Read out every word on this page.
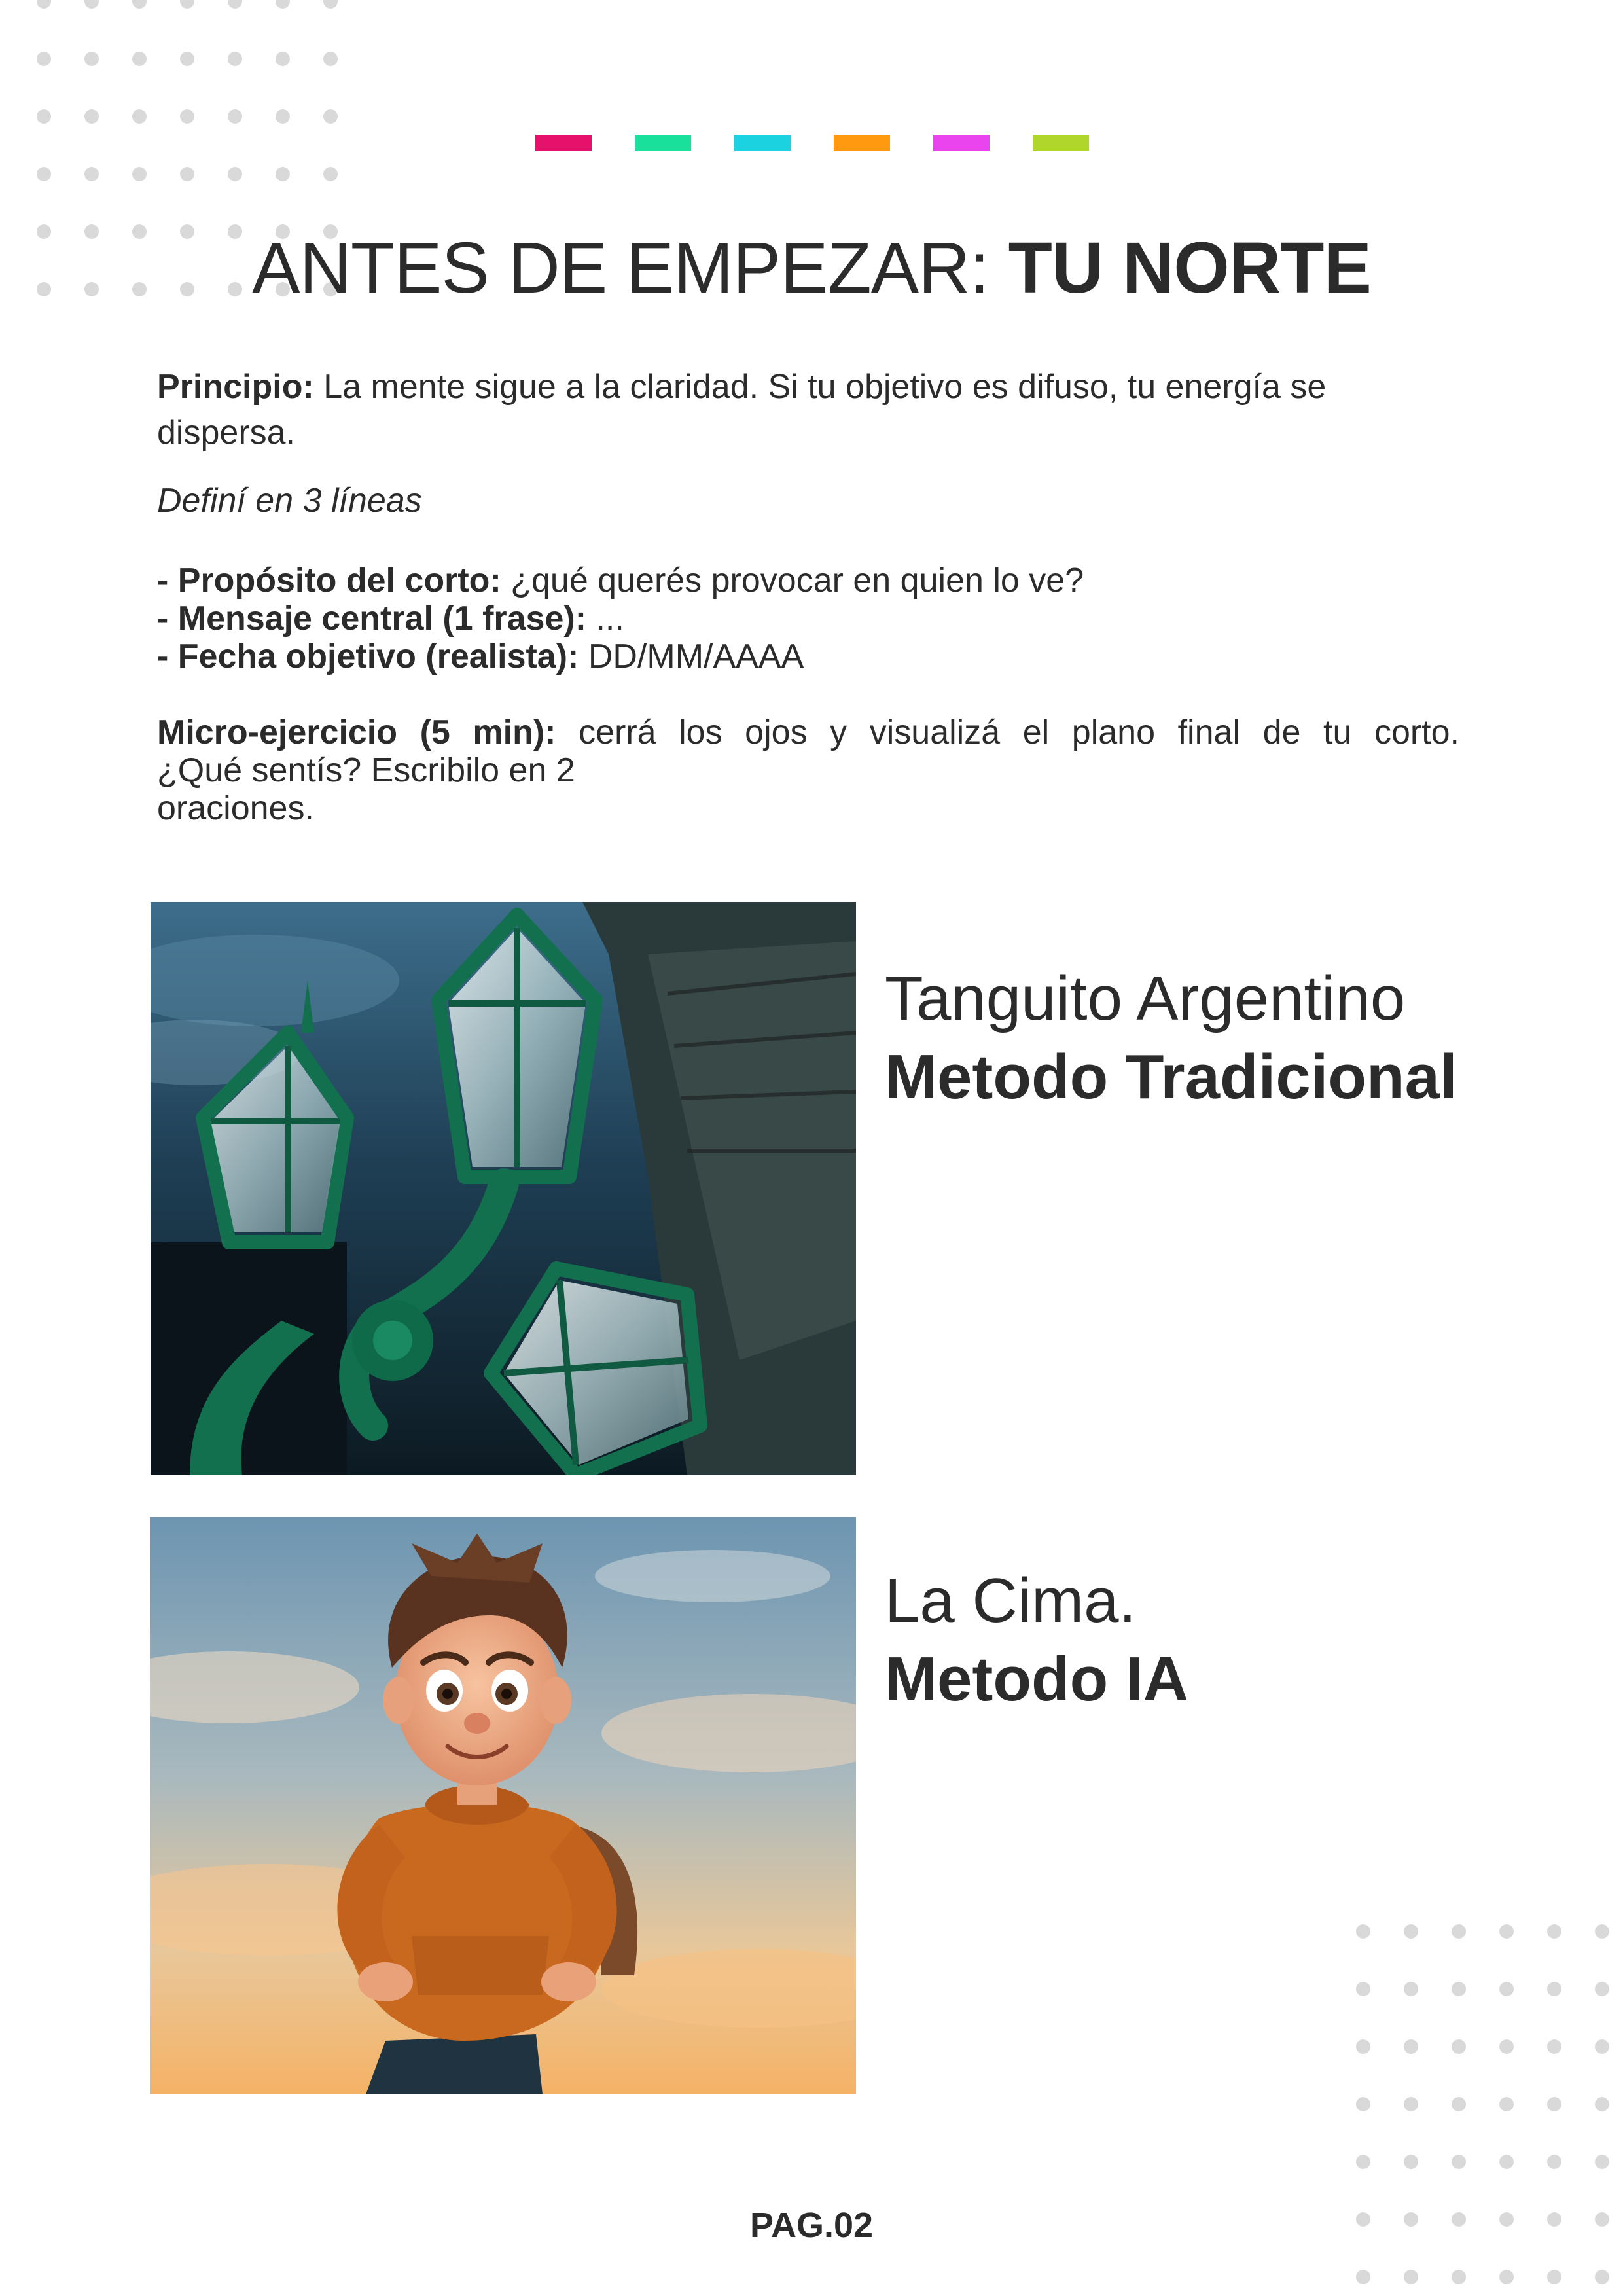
ANTES DE EMPEZAR: TU NORTE
Principio: La mente sigue a la claridad. Si tu objetivo es difuso, tu energía se dispersa.
Definí en 3 líneas
- Propósito del corto: ¿qué querés provocar en quien lo ve?
- Mensaje central (1 frase): ...
- Fecha objetivo (realista): DD/MM/AAAA
Micro-ejercicio (5 min): cerrá los ojos y visualizá el plano final de tu corto.
¿Qué sentís? Escribilo en 2
oraciones.
Tanguito Argentino
Metodo Tradicional
La Cima.
Metodo IA
PAG.02
